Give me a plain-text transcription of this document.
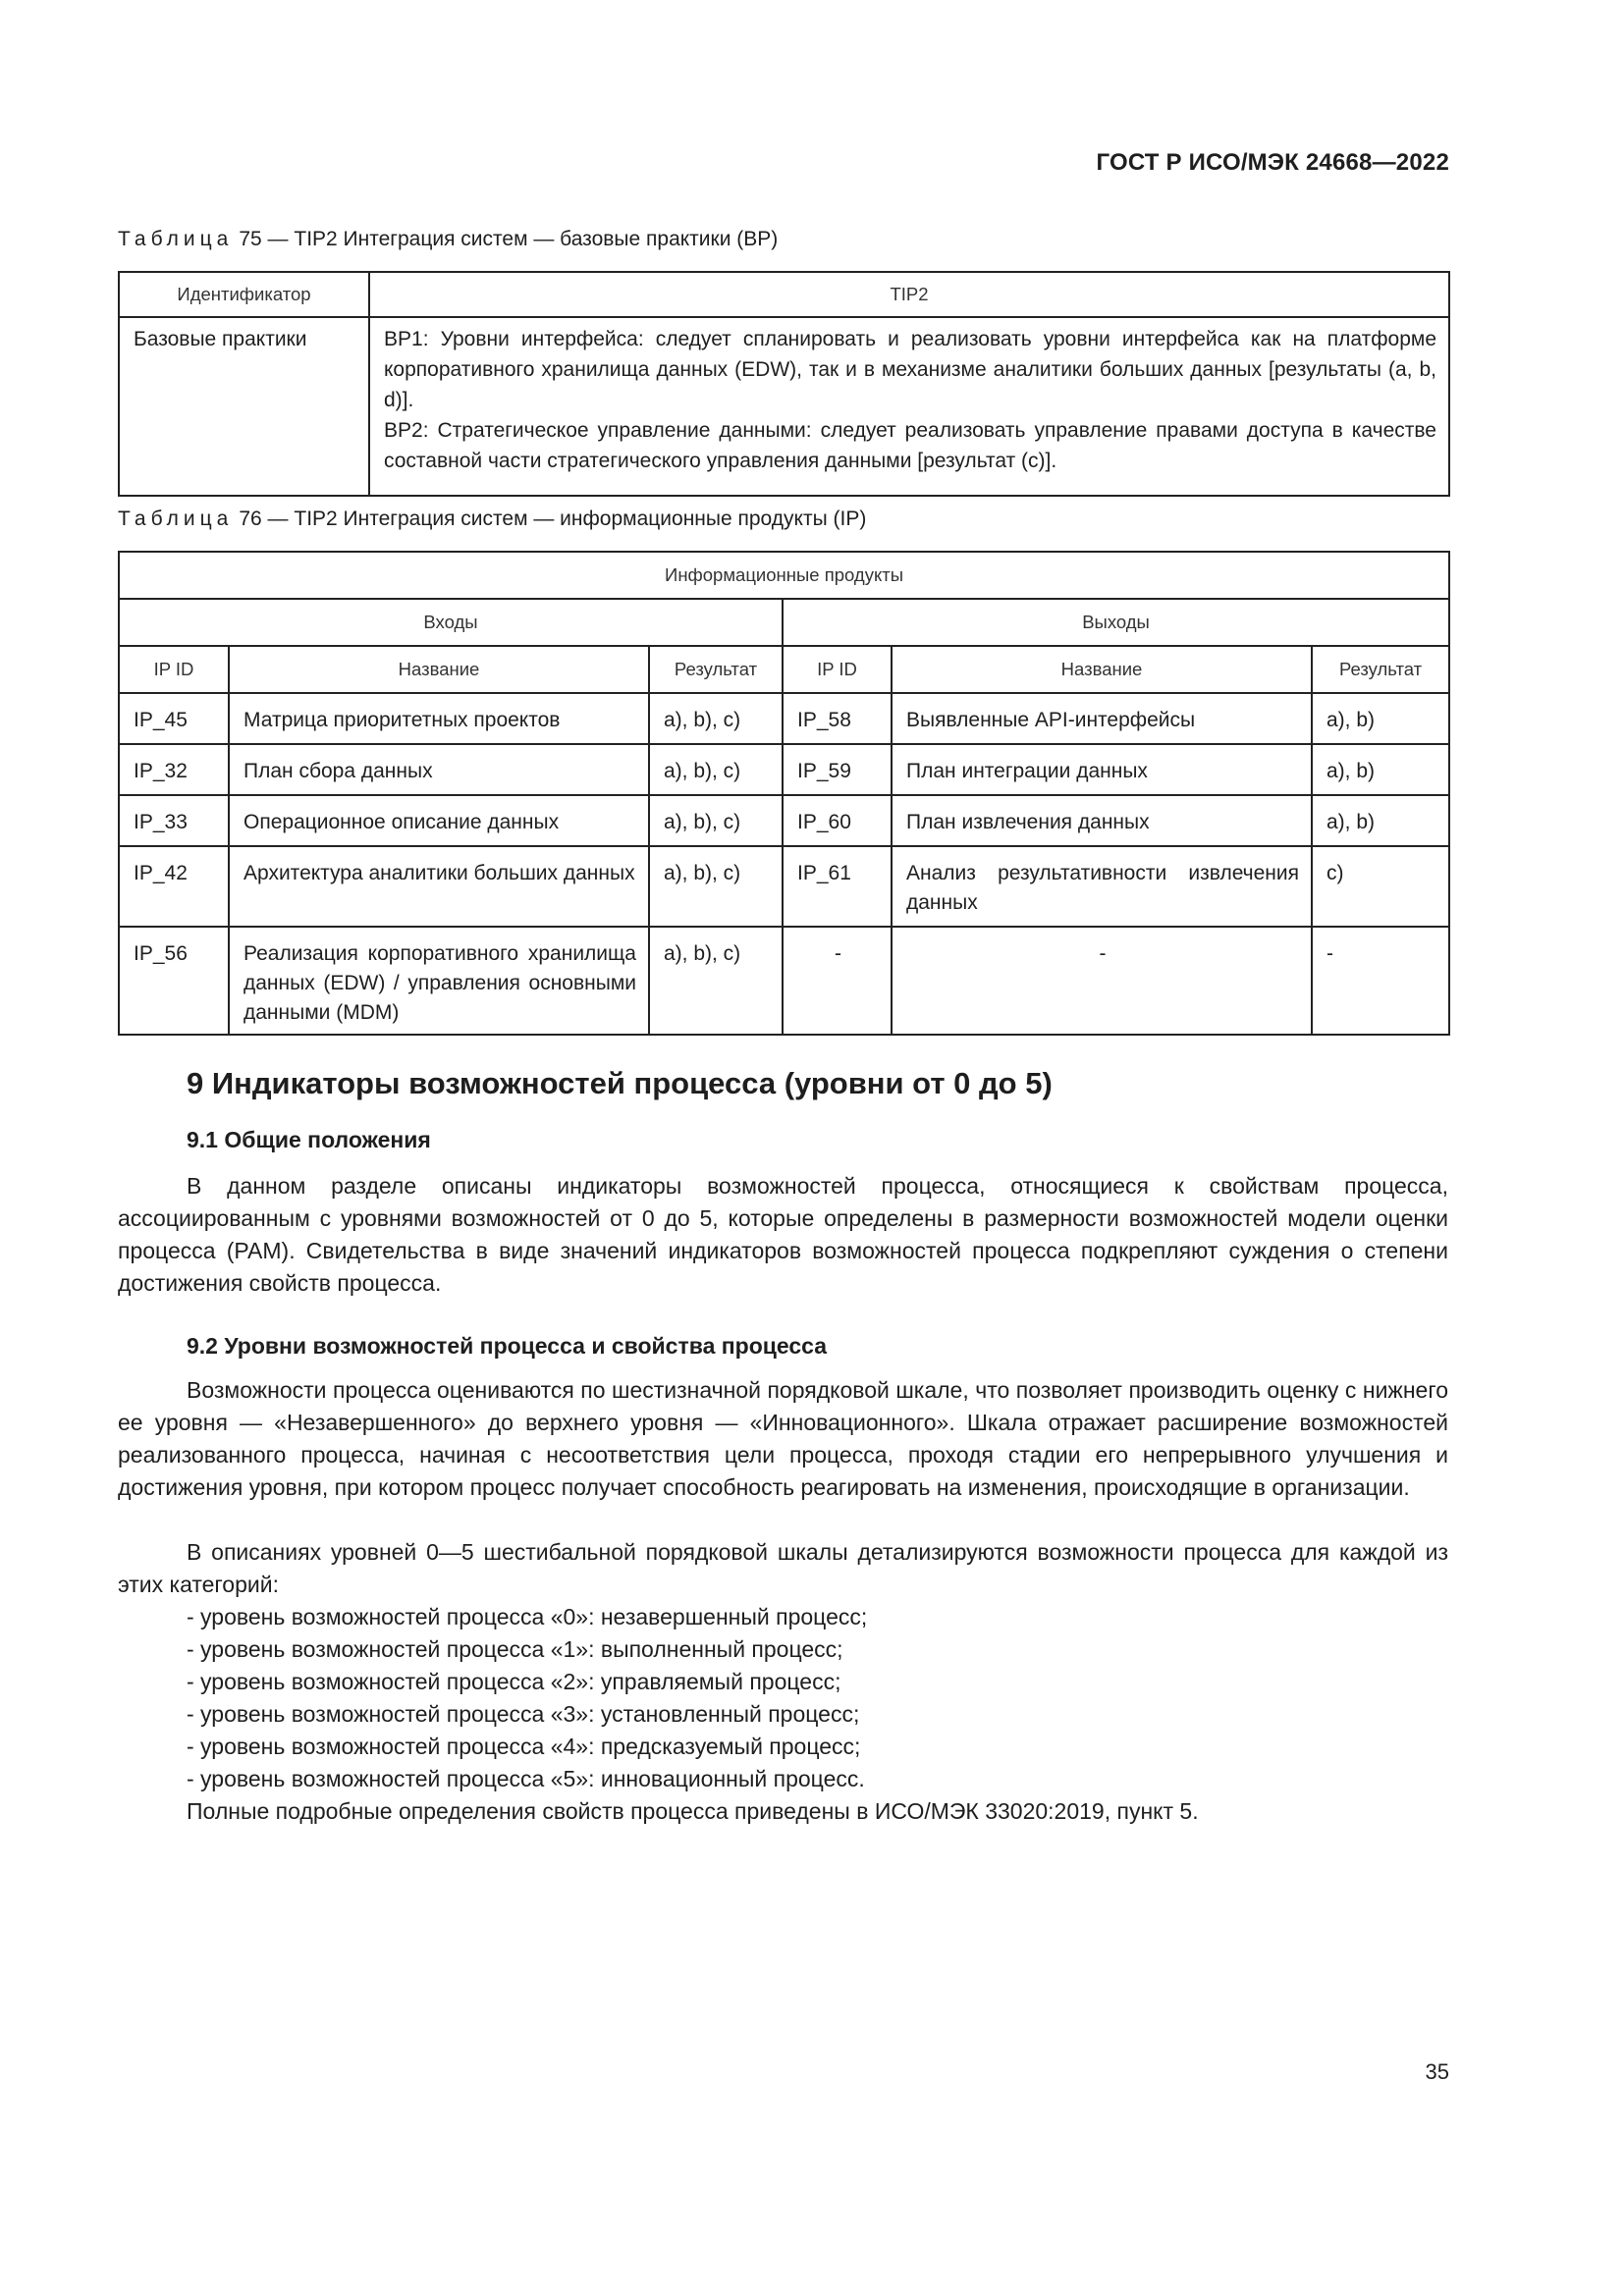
ГОСТ Р ИСО/МЭК 24668—2022
Таблица 75 — TIP2 Интеграция систем — базовые практики (BP)
Идентификатор	TIP2
Базовые практики	BP1: Уровни интерфейса: следует спланировать и реализовать уровни интерфейса как на платформе корпоративного хранилища данных (EDW), так и в механизме аналитики больших данных [результаты (a, b, d)].

BP2: Стратегическое управление данными: следует реализовать управление правами доступа в качестве составной части стратегического управления данными [результат (c)].

Таблица 76 — TIP2 Интеграция систем — информационные продукты (IP)
Информационные продукты					
Входы			Выходы		
IP ID	Название	Результат	IP ID	Название	Результат
IP_45	Матрица приоритетных проектов	a), b), c)	IP_58	Выявленные API-интерфейсы	a), b)
IP_32	План сбора данных	a), b), c)	IP_59	План интеграции данных	a), b)
IP_33	Операционное описание данных	a), b), c)	IP_60	План извлечения данных	a), b)
IP_42	Архитектура аналитики больших данных	a), b), c)	IP_61	Анализ результативности извлечения данных	c)
IP_56	Реализация корпоративного хранилища данных (EDW) / управления основными данными (MDM)	a), b), c)	-	-	-
9 Индикаторы возможностей процесса (уровни от 0 до 5)
9.1 Общие положения

В данном разделе описаны индикаторы возможностей процесса, относящиеся к свойствам процесса, ассоциированным с уровнями возможностей от 0 до 5, которые определены в размерности возможностей модели оценки процесса (PAM). Свидетельства в виде значений индикаторов возможностей процесса подкрепляют суждения о степени достижения свойств процесса.

9.2 Уровни возможностей процесса и свойства процесса

Возможности процесса оцениваются по шестизначной порядковой шкале, что позволяет производить оценку с нижнего ее уровня — «Незавершенного» до верхнего уровня — «Инновационного». Шкала отражает расширение возможностей реализованного процесса, начиная с несоответствия цели процесса, проходя стадии его непрерывного улучшения и достижения уровня, при котором процесс получает способность реагировать на изменения, происходящие в организации.

В описаниях уровней 0—5 шестибальной порядковой шкалы детализируются возможности процесса для каждой из этих категорий:

- уровень возможностей процесса «0»: незавершенный процесс;

- уровень возможностей процесса «1»: выполненный процесс;

- уровень возможностей процесса «2»: управляемый процесс;

- уровень возможностей процесса «3»: установленный процесс;

- уровень возможностей процесса «4»: предсказуемый процесс;

- уровень возможностей процесса «5»: инновационный процесс.

Полные подробные определения свойств процесса приведены в ИСО/МЭК 33020:2019, пункт 5.

35
